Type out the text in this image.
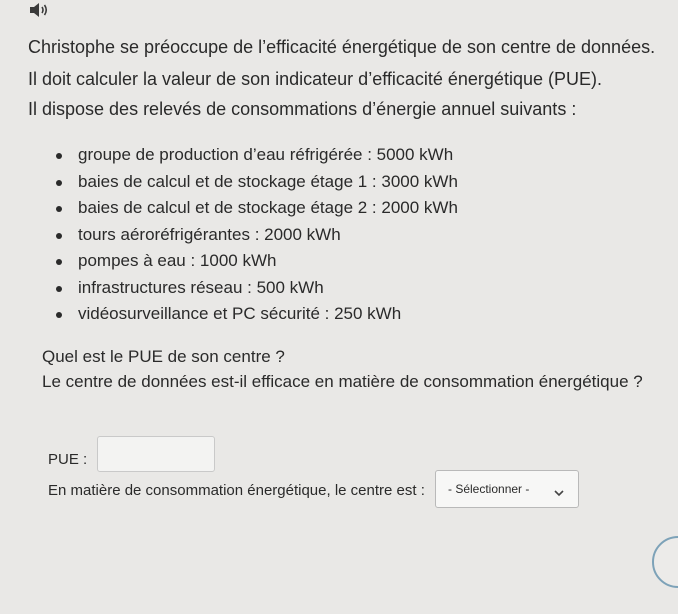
Christophe se préoccupe de l’efficacité énergétique de son centre de données.
Il doit calculer la valeur de son indicateur d’efficacité énergétique (PUE).
Il dispose des relevés de consommations d’énergie annuel suivants :
groupe de production d’eau réfrigérée : 5000 kWh
baies de calcul et de stockage étage 1 : 3000 kWh
baies de calcul et de stockage étage 2 : 2000 kWh
tours aéroréfrigérantes : 2000 kWh
pompes à eau : 1000 kWh
infrastructures réseau : 500 kWh
vidéosurveillance et PC sécurité : 250 kWh
Quel est le PUE de son centre ?
Le centre de données est-il efficace en matière de consommation énergétique ?
PUE :
En matière de consommation énergétique, le centre est : - Sélectionner -
